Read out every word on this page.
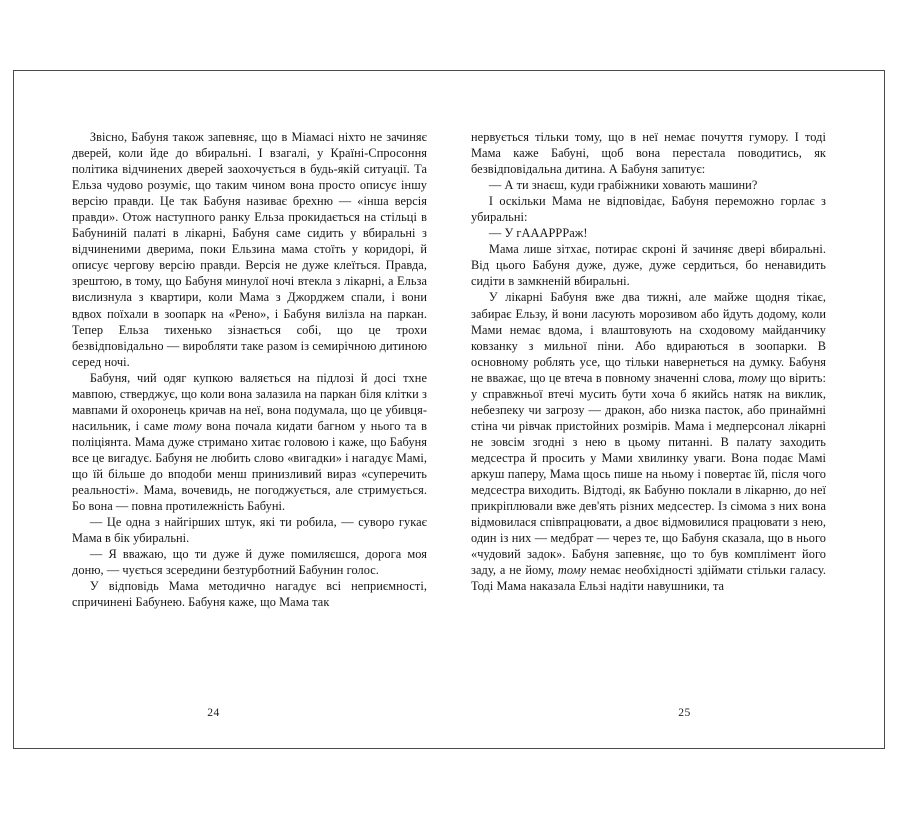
Звісно, Бабуня також запевняє, що в Міамасі ніхто не зачиняє дверей, коли йде до вбиральні. І взагалі, у Країні-Спросоння політика відчинених дверей заохочується в будь-якій ситуації. Та Ельза чудово розуміє, що таким чином вона просто описує іншу версію правди. Це так Бабуня називає брехню — «інша версія правди». Отож наступного ранку Ельза прокидається на стільці в Бабуниній палаті в лікарні, Бабуня саме сидить у вбиральні з відчиненими дверима, поки Ельзина мама стоїть у коридорі, й описує чергову версію правди. Версія не дуже клеїться. Правда, зрештою, в тому, що Бабуня минулої ночі втекла з лікарні, а Ельза вислизнула з квартири, коли Мама з Джорджем спали, і вони вдвох поїхали в зоопарк на «Рено», і Бабуня вилізла на паркан. Тепер Ельза тихенько зізнається собі, що це трохи безвідповідально — виробляти таке разом із семирічною дитиною серед ночі.

Бабуня, чий одяг купкою валяється на підлозі й досі тхне мавпою, стверджує, що коли вона залазила на паркан біля клітки з мавпами й охоронець кричав на неї, вона подумала, що це убивця-насильник, і саме тому вона почала кидати багном у нього та в поліціянта. Мама дуже стримано хитає головою і каже, що Бабуня все це вигадує. Бабуня не любить слово «вигадки» і нагадує Мамі, що їй більше до вподоби менш принизливий вираз «суперечить реальності». Мама, вочевидь, не погоджується, але стримується. Бо вона — повна протилежність Бабуні.

— Це одна з найгірших штук, які ти робила, — суворо гукає Мама в бік убиральні.

— Я вважаю, що ти дуже й дуже помиляєшся, дорога моя доню, — чується зсередини безтурботний Бабунин голос.

У відповідь Мама методично нагадує всі неприємності, спричинені Бабунею. Бабуня каже, що Мама так

24

нервується тільки тому, що в неї немає почуття гумору. І тоді Мама каже Бабуні, щоб вона перестала поводитись, як безвідповідальна дитина. А Бабуня запитує:

— А ти знаєш, куди грабіжники ховають машини?

І оскільки Мама не відповідає, Бабуня переможно горлає з убиральні:

— У гАААРРРаж!

Мама лише зітхає, потирає скроні й зачиняє двері вбиральні. Від цього Бабуня дуже, дуже, дуже сердиться, бо ненавидить сидіти в замкненій вбиральні.

У лікарні Бабуня вже два тижні, але майже щодня тікає, забирає Ельзу, й вони ласують морозивом або йдуть додому, коли Мами немає вдома, і влаштовують на сходовому майданчику ковзанку з мильної піни. Або вдираються в зоопарки. В основному роблять усе, що тільки навернеться на думку. Бабуня не вважає, що це втеча в повному значенні слова, тому що вірить: у справжньої втечі мусить бути хоча б якийсь натяк на виклик, небезпеку чи загрозу — дракон, або низка пасток, або принаймні стіна чи рівчак пристойних розмірів. Мама і медперсонал лікарні не зовсім згодні з нею в цьому питанні. В палату заходить медсестра й просить у Мами хвилинку уваги. Вона подає Мамі аркуш паперу, Мама щось пише на ньому і повертає їй, після чого медсестра виходить. Відтоді, як Бабуню поклали в лікарню, до неї прикріплювали вже дев'ять різних медсестер. Із сімома з них вона відмовилася співпрацювати, а двоє відмовилися працювати з нею, один із них — медбрат — через те, що Бабуня сказала, що в нього «чудовий задок». Бабуня запевняє, що то був комплімент його заду, а не йому, тому немає необхідності здіймати стільки галасу. Тоді Мама наказала Ельзі надіти навушники, та

25
